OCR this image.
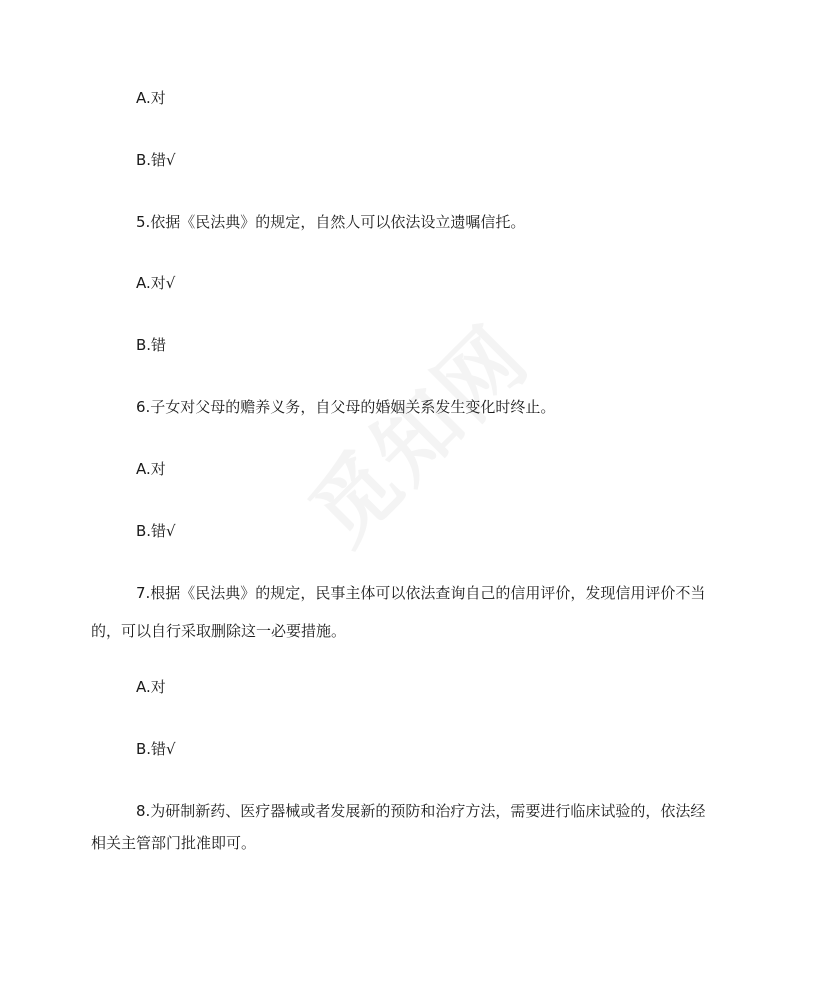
A.对
B.错√
5.依据《民法典》的规定，自然人可以依法设立遗嘱信托。
A.对√
B.错
6.子女对父母的赡养义务，自父母的婚姻关系发生变化时终止。
A.对
B.错√
7.根据《民法典》的规定，民事主体可以依法查询自己的信用评价，发现信用评价不当
的，可以自行采取删除这一必要措施。
A.对
B.错√
8.为研制新药、医疗器械或者发展新的预防和治疗方法，需要进行临床试验的，依法经
相关主管部门批准即可。
